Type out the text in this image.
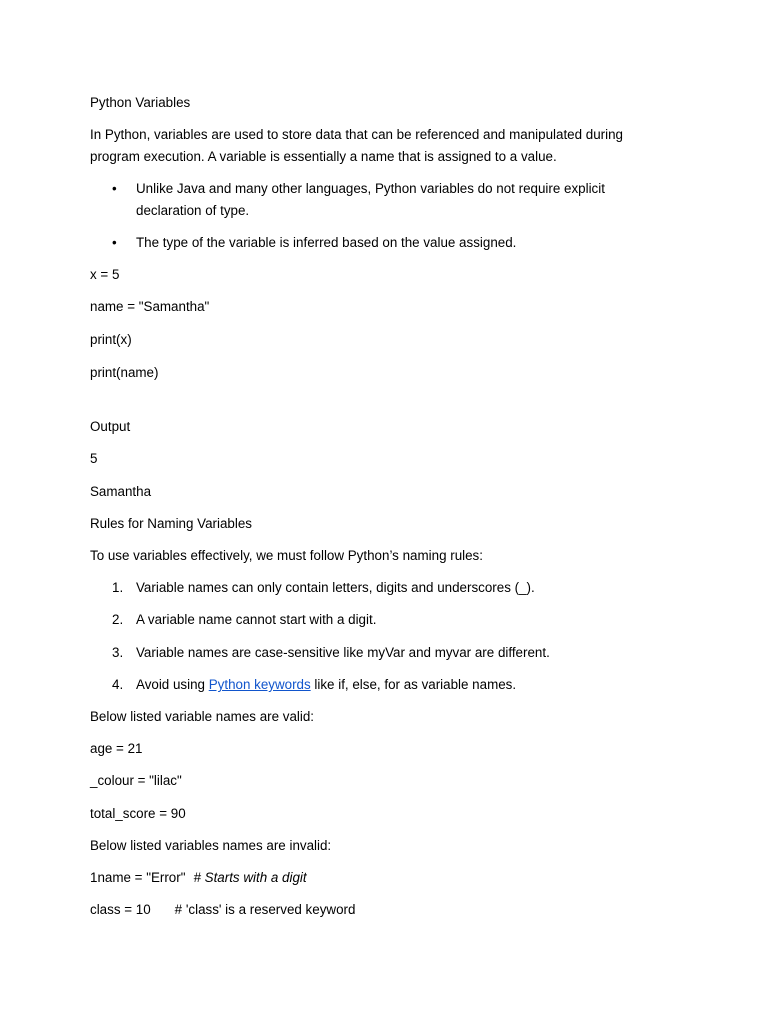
Python Variables

In Python, variables are used to store data that can be referenced and manipulated during program execution. A variable is essentially a name that is assigned to a value.

• Unlike Java and many other languages, Python variables do not require explicit declaration of type.
• The type of the variable is inferred based on the value assigned.

x = 5

name = "Samantha"

print(x)

print(name)

Output

5

Samantha

Rules for Naming Variables

To use variables effectively, we must follow Python’s naming rules:

1. Variable names can only contain letters, digits and underscores (_).
2. A variable name cannot start with a digit.
3. Variable names are case-sensitive like myVar and myvar are different.
4. Avoid using Python keywords like if, else, for as variable names.

Below listed variable names are valid:

age = 21

_colour = "lilac"

total_score = 90

Below listed variables names are invalid:

1name = "Error" # Starts with a digit

class = 10 # 'class' is a reserved keyword
